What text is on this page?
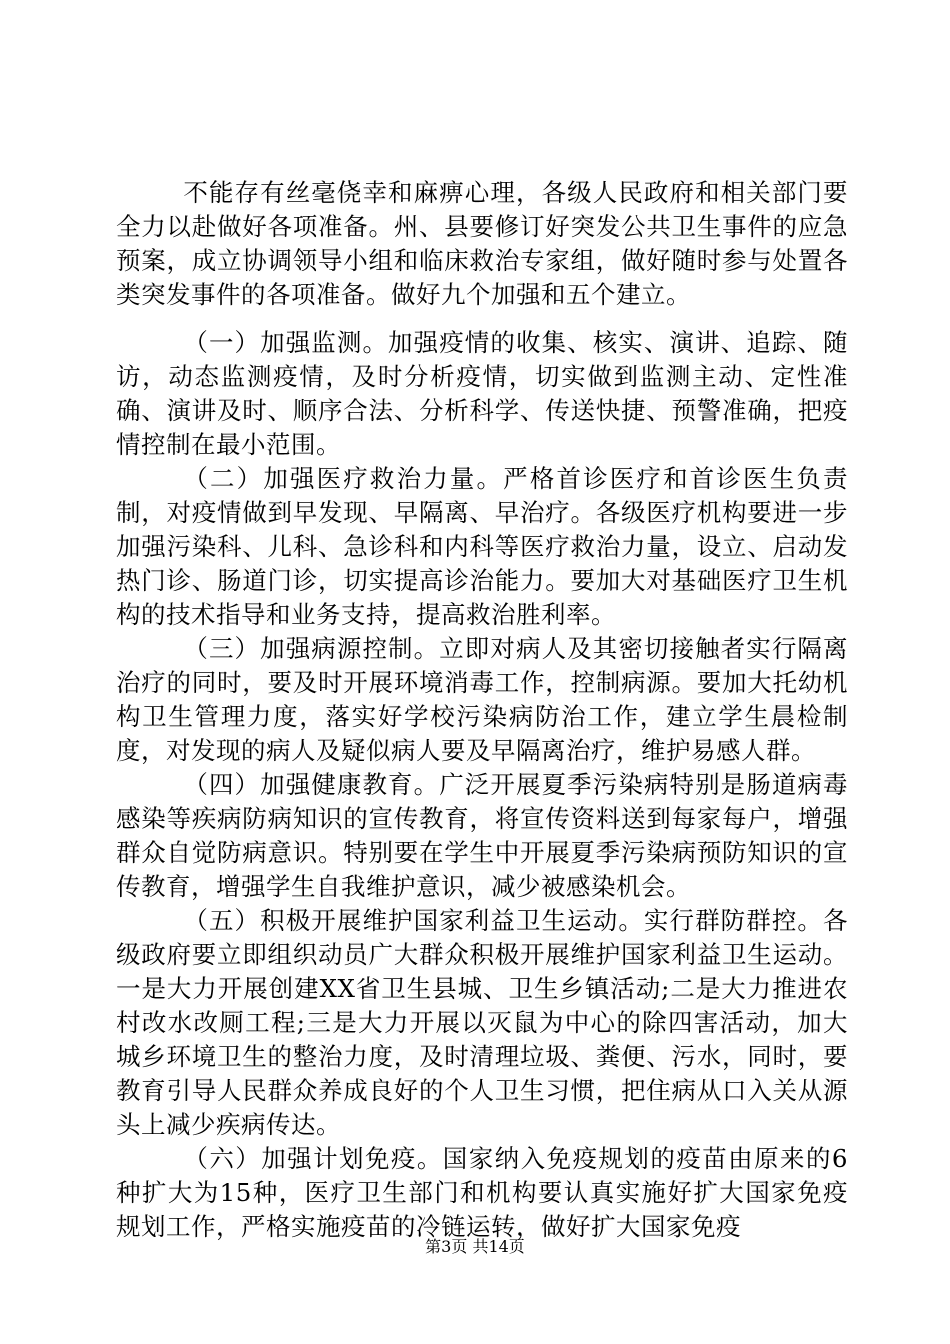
不能存有丝毫侥幸和麻痹心理，各级人民政府和相关部门要全力以赴做好各项准备。州、县要修订好突发公共卫生事件的应急预案，成立协调领导小组和临床救治专家组，做好随时参与处置各类突发事件的各项准备。做好九个加强和五个建立。

（一）加强监测。加强疫情的收集、核实、演讲、追踪、随访，动态监测疫情，及时分析疫情，切实做到监测主动、定性准确、演讲及时、顺序合法、分析科学、传送快捷、预警准确，把疫情控制在最小范围。

（二）加强医疗救治力量。严格首诊医疗和首诊医生负责制，对疫情做到早发现、早隔离、早治疗。各级医疗机构要进一步加强污染科、儿科、急诊科和内科等医疗救治力量，设立、启动发热门诊、肠道门诊，切实提高诊治能力。要加大对基础医疗卫生机构的技术指导和业务支持，提高救治胜利率。

（三）加强病源控制。立即对病人及其密切接触者实行隔离治疗的同时，要及时开展环境消毒工作，控制病源。要加大托幼机构卫生管理力度，落实好学校污染病防治工作，建立学生晨检制度，对发现的病人及疑似病人要及早隔离治疗，维护易感人群。

（四）加强健康教育。广泛开展夏季污染病特别是肠道病毒感染等疾病防病知识的宣传教育，将宣传资料送到每家每户，增强群众自觉防病意识。特别要在学生中开展夏季污染病预防知识的宣传教育，增强学生自我维护意识，减少被感染机会。

（五）积极开展维护国家利益卫生运动。实行群防群控。各级政府要立即组织动员广大群众积极开展维护国家利益卫生运动。一是大力开展创建XX省卫生县城、卫生乡镇活动;二是大力推进农村改水改厕工程;三是大力开展以灭鼠为中心的除四害活动，加大城乡环境卫生的整治力度，及时清理垃圾、粪便、污水，同时，要教育引导人民群众养成良好的个人卫生习惯，把住病从口入关从源头上减少疾病传达。

（六）加强计划免疫。国家纳入免疫规划的疫苗由原来的6种扩大为15种，医疗卫生部门和机构要认真实施好扩大国家免疫规划工作，严格实施疫苗的冷链运转，做好扩大国家免疫

第3页 共14页
